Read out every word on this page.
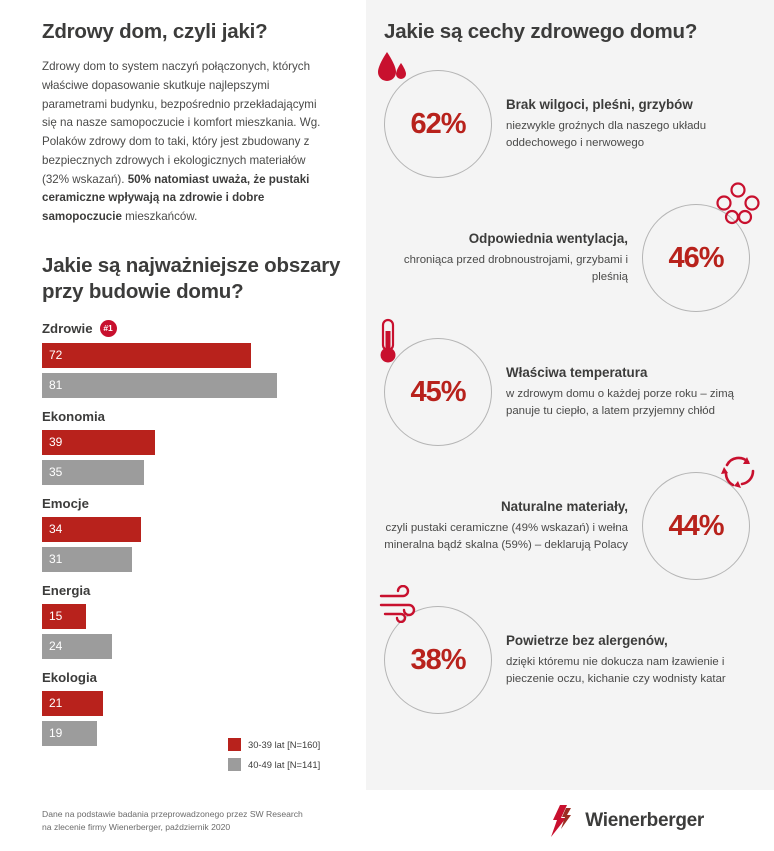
Zdrowy dom, czyli jaki?
Zdrowy dom to system naczyń połączonych, których właściwe dopasowanie skutkuje najlepszymi parametrami budynku, bezpośrednio przekładającymi się na nasze samopoczucie i komfort mieszkania. Wg. Polaków zdrowy dom to taki, który jest zbudowany z bezpiecznych zdrowych i ekologicznych materiałów (32% wskazań). 50% natomiast uważa, że pustaki ceramiczne wpływają na zdrowie i dobre samopoczucie mieszkańców.
Jakie są najważniejsze obszary przy budowie domu?
Zdrowie	#1
72
81
Ekonomia
39
35
Emocje
34
31
Energia
15
24
Ekologia
21
19
30-39 lat [N=160]
40-49 lat [N=141]
Jakie są cechy zdrowego domu?
62%
Brak wilgoci, pleśni, grzybów
niezwykle groźnych dla naszego układu oddechowego i nerwowego
Odpowiednia wentylacja,
chroniąca przed drobnoustrojami, grzybami i pleśnią
46%
45%
Właściwa temperatura
w zdrowym domu o każdej porze roku – zimą panuje tu ciepło, a latem przyjemny chłód
Naturalne materiały,
czyli pustaki ceramiczne (49% wskazań) i wełna mineralna bądź skalna (59%) – deklarują Polacy
44%
38%
Powietrze bez alergenów,
dzięki któremu nie dokucza nam łzawienie i pieczenie oczu, kichanie czy wodnisty katar
Dane na podstawie badania przeprowadzonego przez SW Research
na zlecenie firmy Wienerberger, październik 2020	Wienerberger
